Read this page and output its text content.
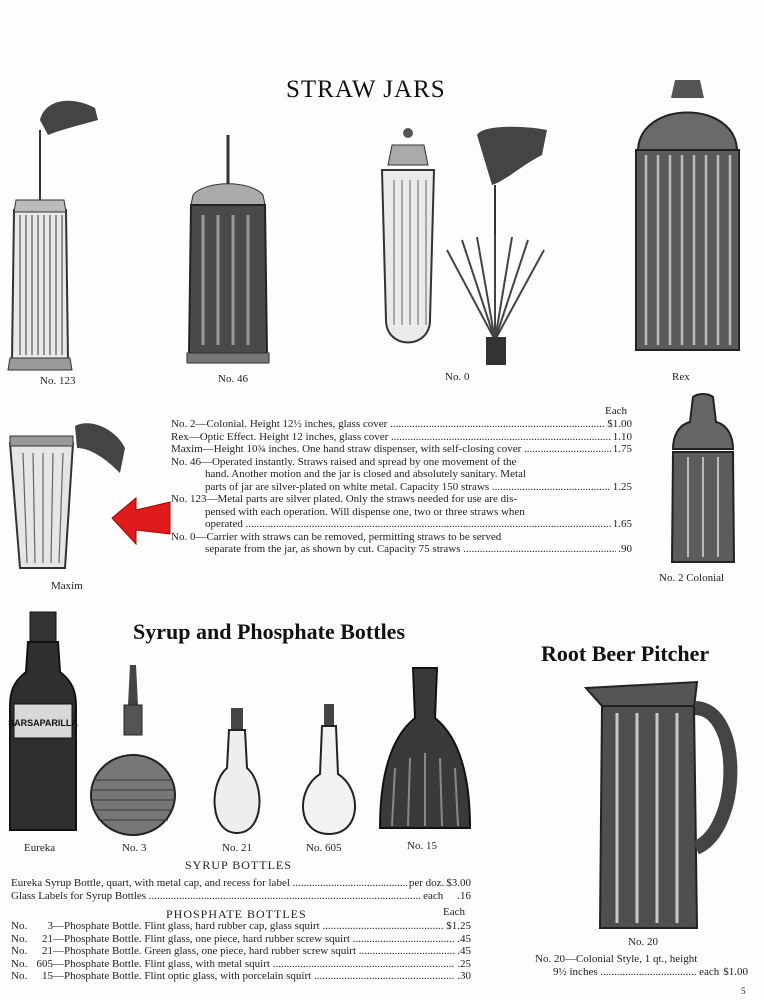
STRAW JARS
No. 123	No. 46	No. 0	Rex
Maxim
Each
No. 2—Colonial. Height 12½ inches, glass cover .....	$1.00
Rex—Optic Effect. Height 12 inches, glass cover .....	1.10
Maxim—Height 10¾ inches. One hand straw dispenser, with self-closing cover .....	1.75
No. 46—Operated instantly. Straws raised and spread by one movement of the
hand. Another motion and the jar is closed and absolutely sanitary. Metal
parts of jar are silver-plated on white metal. Capacity 150 straws .....	1.25
No. 123—Metal parts are silver plated. Only the straws needed for use are dis-
pensed with each operation. Will dispense one, two or three straws when
operated .....	1.65
No. 0—Carrier with straws can be removed, permitting straws to be served
separate from the jar, as shown by cut. Capacity 75 straws .....	.90
No. 2 Colonial
Syrup and Phosphate Bottles
SARSAPARILLA
Eureka	No. 3	No. 21	No. 605	No. 15
SYRUP BOTTLES
Eureka Syrup Bottle, quart, with metal cap, and recess for label .....	per doz. $3.00
Glass Labels for Syrup Bottles .....	each	.16
PHOSPHATE BOTTLES	Each
No.	3 —Phosphate Bottle. Flint glass, hard rubber cap, glass squirt .....	$1.25
No.	21 —Phosphate Bottle. Flint glass, one piece, hard rubber screw squirt .....	.45
No.	21 —Phosphate Bottle. Green glass, one piece, hard rubber screw squirt .....	.45
No. 605 —Phosphate Bottle. Flint glass, with metal squirt .....	.25
No.	15 —Phosphate Bottle. Flint optic glass, with porcelain squirt .....	.30
Root Beer Pitcher
No. 20
No. 20—Colonial Style, 1 qt., height
9½ inches .....	each $1.00
5
